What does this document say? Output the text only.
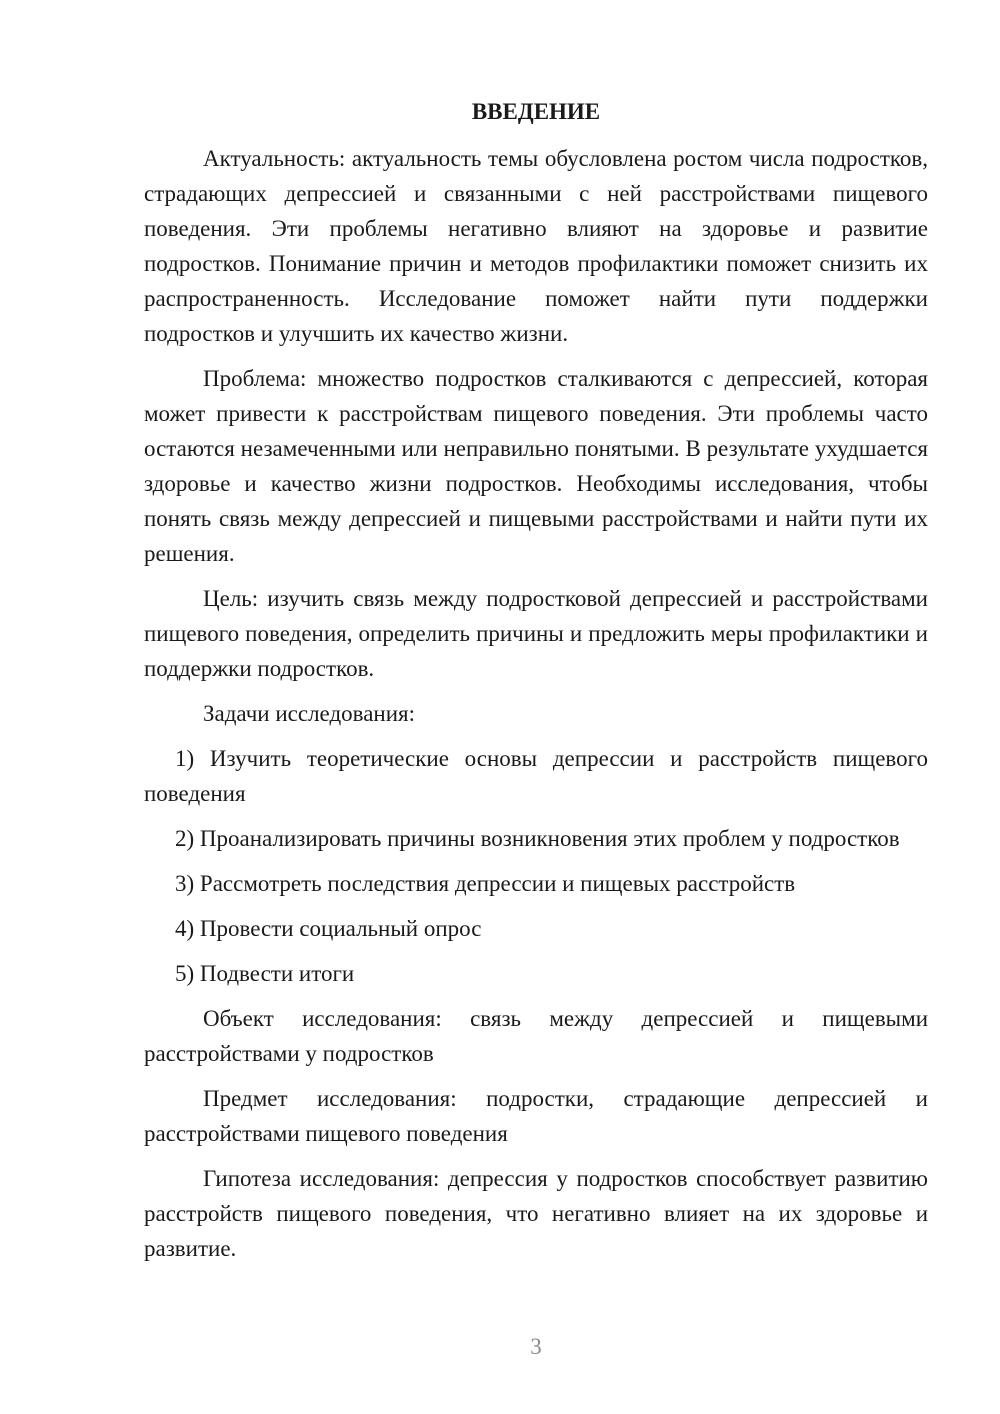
ВВЕДЕНИЕ

Актуальность: актуальность темы обусловлена ростом числа подростков, страдающих депрессией и связанными с ней расстройствами пищевого поведения. Эти проблемы негативно влияют на здоровье и развитие подростков. Понимание причин и методов профилактики поможет снизить их распространенность. Исследование поможет найти пути поддержки подростков и улучшить их качество жизни.

Проблема: множество подростков сталкиваются с депрессией, которая может привести к расстройствам пищевого поведения. Эти проблемы часто остаются незамеченными или неправильно понятыми. В результате ухудшается здоровье и качество жизни подростков. Необходимы исследования, чтобы понять связь между депрессией и пищевыми расстройствами и найти пути их решения.

Цель: изучить связь между подростковой депрессией и расстройствами пищевого поведения, определить причины и предложить меры профилактики и поддержки подростков.

Задачи исследования:

1) Изучить теоретические основы депрессии и расстройств пищевого поведения

2) Проанализировать причины возникновения этих проблем у подростков

3) Рассмотреть последствия депрессии и пищевых расстройств

4) Провести социальный опрос

5) Подвести итоги

Объект исследования: связь между депрессией и пищевыми расстройствами у подростков

Предмет исследования: подростки, страдающие депрессией и расстройствами пищевого поведения

Гипотеза исследования: депрессия у подростков способствует развитию расстройств пищевого поведения, что негативно влияет на их здоровье и развитие.

3
